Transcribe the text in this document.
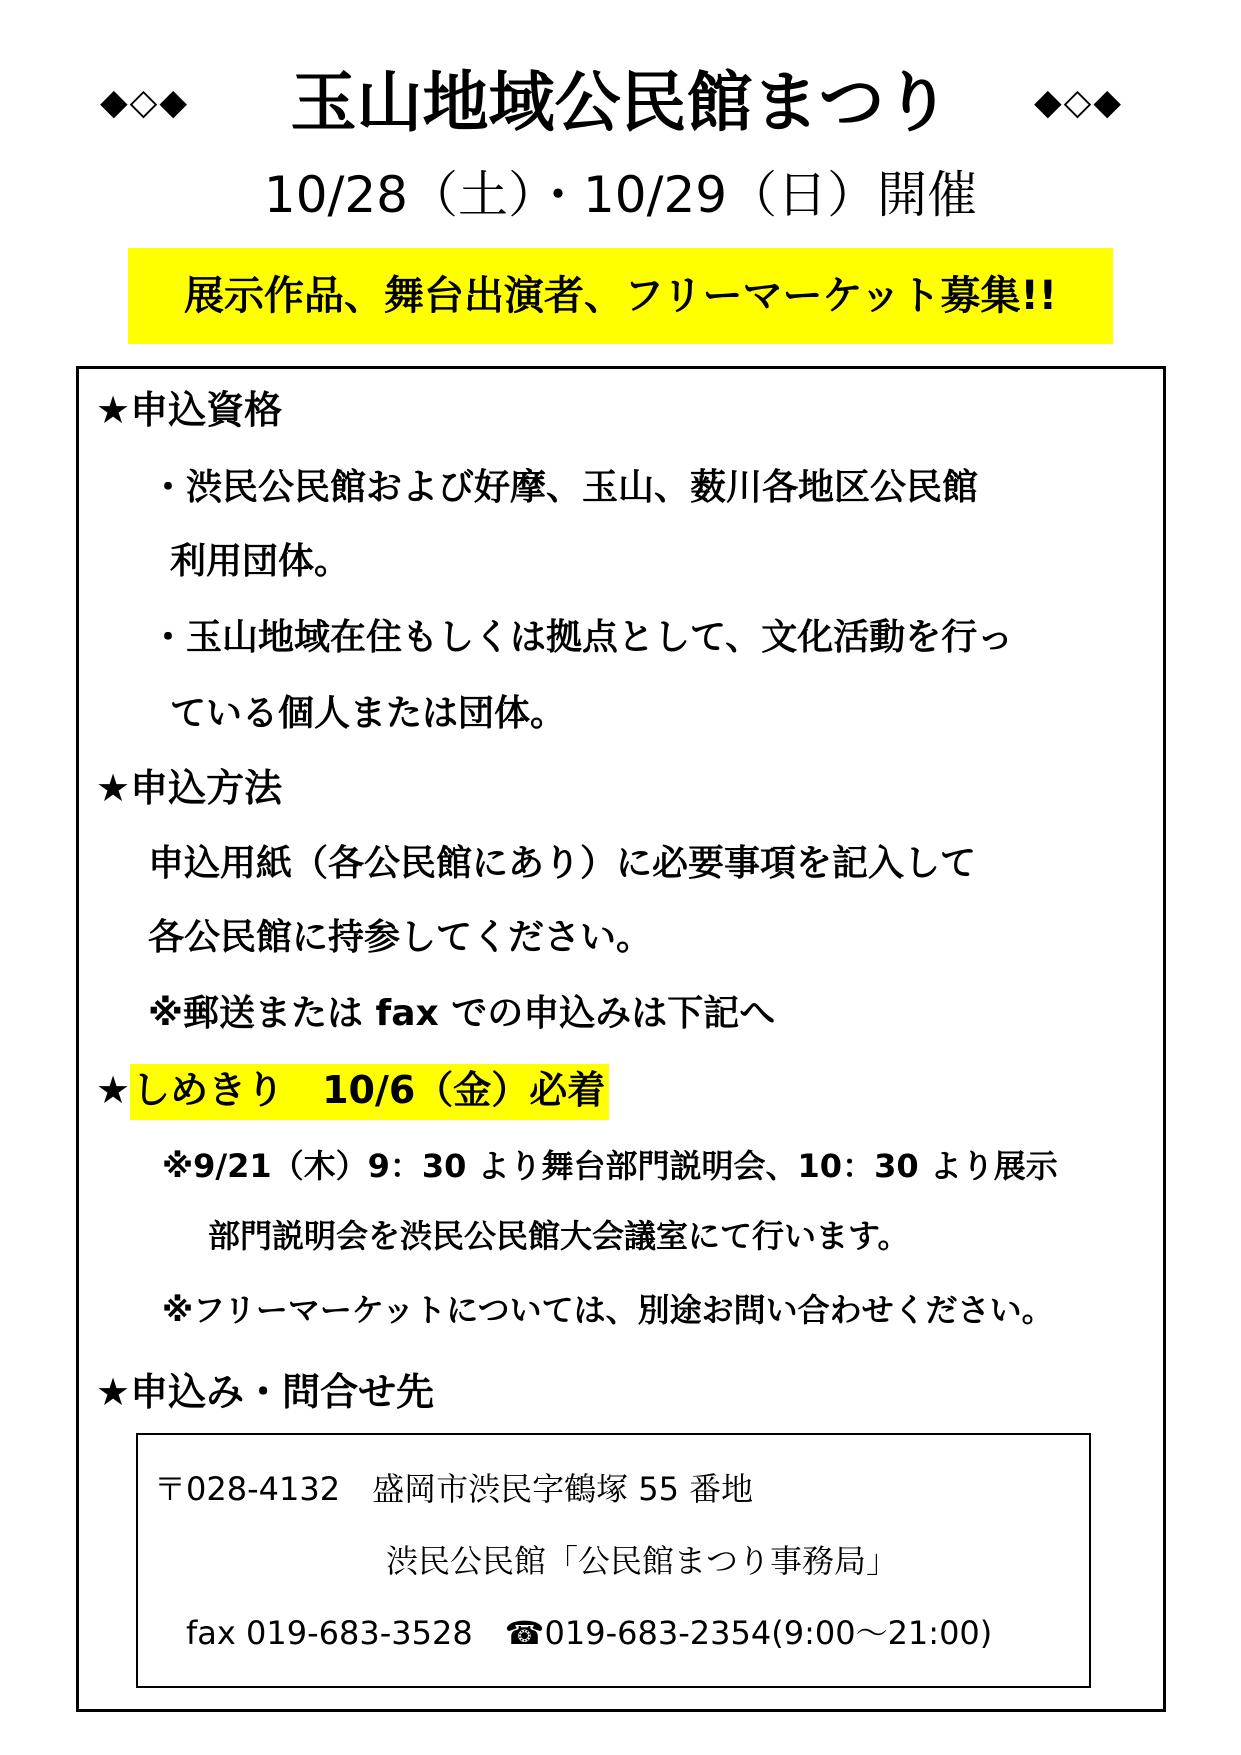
◆◇◆	玉山地域公民館まつり	◆◇◆
10/28（土）・10/29（日）開催
展示作品、舞台出演者、フリーマーケット募集!!
★申込資格
・渋民公民館および好摩、玉山、薮川各地区公民館
利用団体。
・玉山地域在住もしくは拠点として、文化活動を行っ
ている個人または団体。
★申込方法
申込用紙（各公民館にあり）に必要事項を記入して
各公民館に持参してください。
※郵送または fax での申込みは下記へ
★しめきり　10/6（金）必着
※9/21（木）9：30 より舞台部門説明会、10：30 より展示
部門説明会を渋民公民館大会議室にて行います。
※フリーマーケットについては、別途お問い合わせください。
★申込み・問合せ先
〒028-4132　盛岡市渋民字鶴塚 55 番地
渋民公民館「公民館まつり事務局」
fax 019-683-3528　☎019-683-2354(9:00～21:00)
